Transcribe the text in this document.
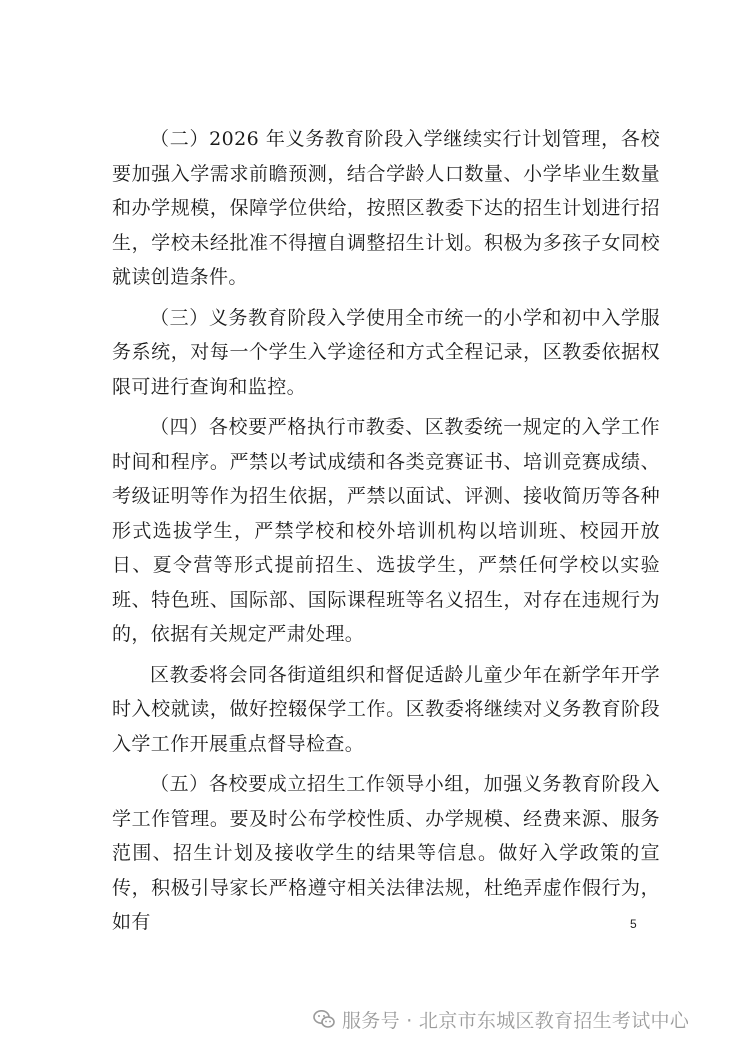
（二）2026 年义务教育阶段入学继续实行计划管理，各校要加强入学需求前瞻预测，结合学龄人口数量、小学毕业生数量和办学规模，保障学位供给，按照区教委下达的招生计划进行招生，学校未经批准不得擅自调整招生计划。积极为多孩子女同校就读创造条件。

（三）义务教育阶段入学使用全市统一的小学和初中入学服务系统，对每一个学生入学途径和方式全程记录，区教委依据权限可进行查询和监控。

（四）各校要严格执行市教委、区教委统一规定的入学工作时间和程序。严禁以考试成绩和各类竞赛证书、培训竞赛成绩、考级证明等作为招生依据，严禁以面试、评测、接收简历等各种形式选拔学生，严禁学校和校外培训机构以培训班、校园开放日、夏令营等形式提前招生、选拔学生，严禁任何学校以实验班、特色班、国际部、国际课程班等名义招生，对存在违规行为的，依据有关规定严肃处理。

区教委将会同各街道组织和督促适龄儿童少年在新学年开学时入校就读，做好控辍保学工作。区教委将继续对义务教育阶段入学工作开展重点督导检查。

（五）各校要成立招生工作领导小组，加强义务教育阶段入学工作管理。要及时公布学校性质、办学规模、经费来源、服务范围、招生计划及接收学生的结果等信息。做好入学政策的宣传，积极引导家长严格遵守相关法律法规，杜绝弄虚作假行为，如有	5
服务号 · 北京市东城区教育招生考试中心
